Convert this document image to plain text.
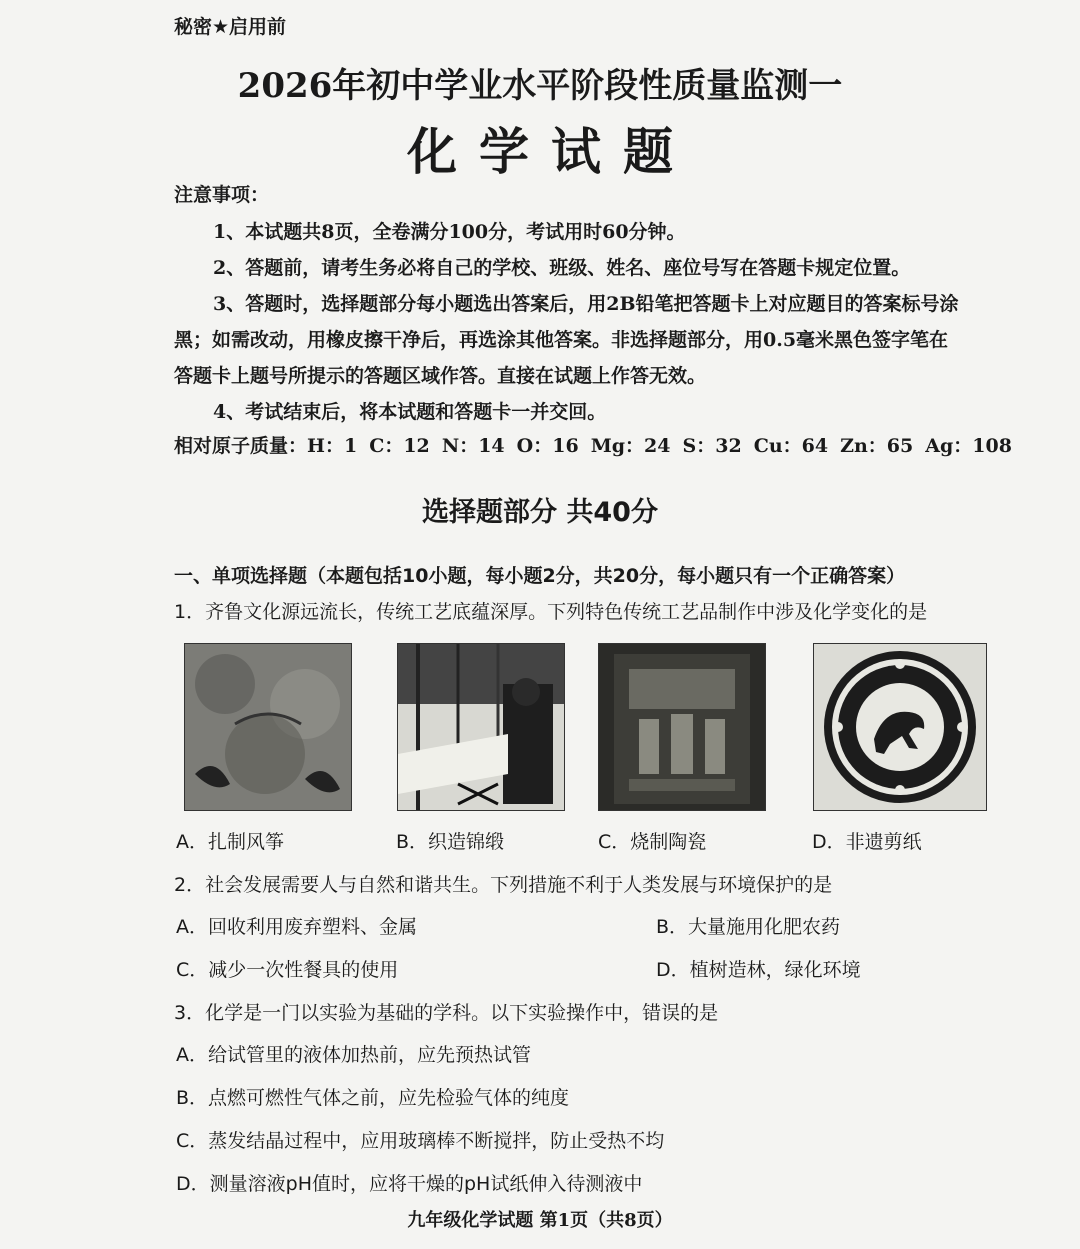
秘密★启用前
2026年初中学业水平阶段性质量监测一
化学试题
注意事项：
1、本试题共8页，全卷满分100分，考试用时60分钟。
2、答题前，请考生务必将自己的学校、班级、姓名、座位号写在答题卡规定位置。
3、答题时，选择题部分每小题选出答案后，用2B铅笔把答题卡上对应题目的答案标号涂
黑；如需改动，用橡皮擦干净后，再选涂其他答案。非选择题部分，用0.5毫米黑色签字笔在
答题卡上题号所提示的答题区域作答。直接在试题上作答无效。
4、考试结束后，将本试题和答题卡一并交回。
相对原子质量：H：1 C：12 N：14 O：16 Mg：24 S：32 Cu：64 Zn：65 Ag：108
选择题部分 共40分
一、单项选择题（本题包括10小题，每小题2分，共20分，每小题只有一个正确答案）
1．齐鲁文化源远流长，传统工艺底蕴深厚。下列特色传统工艺品制作中涉及化学变化的是
A．扎制风筝	B．织造锦缎	C．烧制陶瓷	D．非遗剪纸
2．社会发展需要人与自然和谐共生。下列措施不利于人类发展与环境保护的是
A．回收利用废弃塑料、金属	B．大量施用化肥农药
C．减少一次性餐具的使用	D．植树造林，绿化环境
3．化学是一门以实验为基础的学科。以下实验操作中，错误的是
A．给试管里的液体加热前，应先预热试管
B．点燃可燃性气体之前，应先检验气体的纯度
C．蒸发结晶过程中，应用玻璃棒不断搅拌，防止受热不均
D．测量溶液pH值时，应将干燥的pH试纸伸入待测液中
九年级化学试题 第1页（共8页）
